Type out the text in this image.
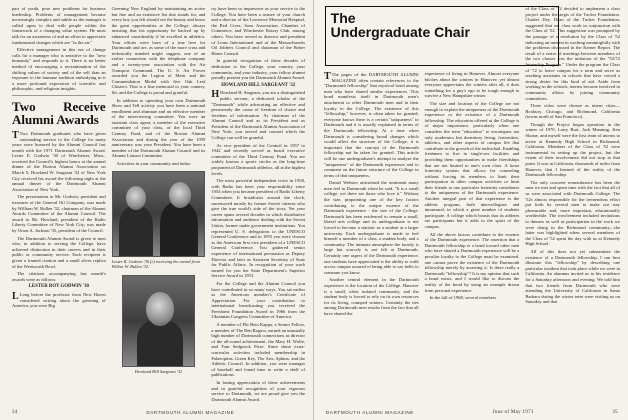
part of youth, pose new problems for business leadership. Problems of management become increasingly complex and subtle as the manager is called upon to deal with people within the framework of a changing value system. He must talk for an awareness of and an effort to appreciate fundamental changes which are "in the air."

Effective management in this era of change calls for a manager who is sensitive to the "new humanity" and responds to it. There is no better method of encouraging a reexamination of the shifting values of society and of the self than an exposure to the humane tradition embodying in it a more profound expression of scientific and philosophic, and religious insights.

Two Receive Alumni Awards

T Two Dartmouth graduates who have given outstanding service to the College for many years were honored by the Alumni Council last month with the 1971 Dartmouth Alumni Award. Lester E. Godwin '30 of Winchester, Mass., received the Council's highest honor at the annual dinner of the Boston Alumni Association on March 5; Howland W. Sargeant '32 of New York City received his award the following night at the annual dinner of the Dartmouth Alumni Association of New York.

The presentation to Mr. Godwin, president and treasurer of the General Oil Company, was made by William W. Bullen '32, chairman of the Alumni Awards Committee of the Alumni Council. The award to Mr. Howland, president of the Radio Liberty Committee of New York City, was made by Orton A. Jackson '35, president of the Council.

The Dartmouth Alumni Award is given to men who, in addition to serving the College, have achieved distinction in their careers and in their public or community service. Each recipient is given a framed citation and a small silver replica of the Wentworth Bowl.

The citations accompanying last month's awards were as follows:

LESTER ROY GODWIN '30

L Long before the professor from New Haven considered writing about the greening of America, you were Big

Greening New England by maintaining an active but fine and an extensive list that stands for, and every boy you felt should see the beauty and know the great opportunities at the College, always insisting that his opportunity be backed up by enhanced considerably if he excelled in athletics. Your efforts were born of a true love for Dartmouth and are, as some of the more crass and technically minded might suggest, one of an earlier connection with the telephone company and a twenty-year association with the Air Transport Command. The U. S. Air Forces awarded you the Legion of Merit and the Commendation Medal with five Oak Leaf Clusters. That is a fine memorial to your country, Sir, and the College is proud and grateful.

In addition to operating your own Dartmouth Show and Tell activity you have been a national enrollment and alumnae and an effective member of the interviewing committee. You were an assistant class agent, a member of the executive committee of your class, of the local Third Century Fund, and of the Boston Alumni Association and during the year of the 1959 anniversary was your President. You have been a member of the Dartmouth Alumni Council and its Alumni Liaison Committee.

Activities in your community and indus-

Lester R. Godwin '30 (r) receiving the award from Wilbur W. Bullen '32.
Howland Hill Sargeant '32

try have been so impressive as your service to the College. You have been a trustee of your church and a director of the Lawrence Memorial Hospital, the Red Cross, Sons Association, Chamber of Commerce, and Winchester Rotary Club, among others. You have served as director and president of Lions International and of the Massachusetts Oil Jobbers Council and chairman of the Better Home Council.

In grateful recognition of these decades of dedication to the College, your country, your community, and your industry, your fellow alumni proudly present you the Dartmouth Alumni Award.

HOWLAND HILL SARGEANT '32

H Howland H. Sargeant, you are a distinguished public servant, a dedicated scholar of the "Dartmouth" while advocating an effective and persistently the cause of freedom of choice and freedom of information. As chairman of the Alumni Council and as its President and as President of the Dartmouth Alumni Association of New York, you served and counsel which the College can well be grateful.

As vice president of the Council in 1957 to 1942 and recently served as board executive committee of the Third Century Fund. You are widely known a sports circles as the long-time proponent of Dartmouth athletics, all at the highest levels.

The most powerful independent voice in 1958, with Radio has been your responsibility since 1954 when you became president of Radio Liberty Committee. It broadcasts around the clock, uncensored mostly by former Soviet citizens who give the true world's side of the story. Yet your career spans several decades in which distributive information and audience dealing with the Soviet Union, former under government institutions. You represented U. S. delegations to the UNESCO General Conference and in 1955 you were chosen as the American first vice president of a UNESCO General Conference. You gathered senior experience of international persuasion as Deputy Director and later as Assistant Secretary of State for Public Affairs. In recognition of your work earned for you the State Department's Superior Service Award in 1953.

For the College and the Alumni Council you have contributed in so many ways. You sat earlier as the American member's Certificate of Appreciation. For your contribution to international broadcasting you received the Freedoms Foundation Award in 1966 from the Ukrainian Congress Committee of America.

A member of Phi Beta Kappa, a Senior Fellow, a member of The Ben Rogers, earned an unusually high number of Dartmouth connections as director of the all-round achievement, the Mary H. Wolfe, and Tom Sedgwick Prize. Since those extra-curricular activities included membership in Palaeopitus, Green Key, The Arts, Sphinx, and the Athletic Council. In addition, you were manager of baseball and found time to write a shelf of publications.

In lasting appreciation of these achievements and in grateful recognition of your vigorous service to Dartmouth, we are proud give you the Dartmouth Alumni Award.

34	DARTMOUTH ALUMNI MAGAZINE

T The pages of the DARTMOUTH ALUMNI MAGAZINE often contain references to the "Dartmouth fellowship" that mystical bond among men who have shared similar experiences. This bond manifests itself in Dartmouth men's attachment to other Dartmouth men and in their loyalty to the College. The existence of this "fellowship," however, is often taken for granted; everyone knows there is a certain "uniqueness" to Dartmouth and it is usually explained in terms of the Dartmouth fellowship. At a time when Dartmouth is considering broad changes which would affect the structure of the College, it is important that the concept of the Dartmouth fellowship not be taken for granted. This article will be one undergraduate's attempt to analyze the "uniqueness" of the Dartmouth experience and to comment on the future structure of the College in terms of that uniqueness.

Daniel Webster articulated the sentiment many men feel in Dartmouth when he said, "It is a small college, yet there are those who love it." Without the size, pinpointing one of the key factors contributing to the unique essence of the Dartmouth experience - the size of the College. Dartmouth has been evidenced to remain a small, liberal arts college and its undergraduate is not forced to become a statistic as a student at a larger university. Each undergraduate is made to feel himself a member of a class, a student body, and a community. The intimate atmosphere the faculty is large but scarcely is not felt at Dartmouth. Certainly one aspect of the Dartmouth experience, one students have appreciated is the ability to walk across campus assured of being able to say hello to someone you know.

Another central element in the Dartmouth experience is the location of the College. Hanover is a small, often isolated community, and the student body is forced to rely on its own resources for its living, cramped winters. Certainly the ties among Dartmouth men results from the fact that all have shared the

The
Undergraduate Chair

experience of living in Hanover. Almost everyone bitches about the winters in Hanover; yet almost everyone appreciates the winters after all, it does something for a guy's ego to be tough enough to survive a New Hampshire winter.

The size and location of the College are not enough to explain the uniqueness of the Dartmouth experience or the existence of a Dartmouth fellowship. The education offered at the College is of major importance, particularly when one considers the term "education" to encompass not only academics but dormitory living, fraternities, athletics, and other aspects of campus life that contribute to the growth of the individual. Enabling freshmen to live in single-sex facilities and providing them opportunities to make friendships that are not limited to one's own class. A loose fraternity system that allows for counseling without forcing its members to limit their participation in other campus activities or limit their friends to one particular fraternity contributes to the uniqueness of the Dartmouth experience. Another integral part of that experience is the athletic program, both intercollegiate and intramural, in which a great number of students participate. A college which boasts that its athletes are participants but it adds to the spirit of the campus.

All the above factors contribute to the essence of the Dartmouth experience. The assertion that a Dartmouth fellowship is a bond toward other men who have shared a Dartmouth experience will be a peculiar loyalty to the College must be examined, one cannot prove the existence of the Dartmouth fellowship merely by asserting it. Is there really a Dartmouth "fellowship"? It is my opinion that such a bond exists, and I would like to discuss the reality of the bond by using an example drawn from personal experience.

In the fall of 1968, several members

of the Class of '72 decided to implement a class project under the aegis of the Tucker Foundation. Charles Dey, Dean of the Tucker Foundation, suggested that our class work in conjunction with the Class of '52. This suggestion was prompted by the passage of a resolution by the Class of '52 indicating an interest in working meaningfully with the problems discussed in the Kerner Report. The result of a series of meetings between members of the two classes was the initiation of the "52/72 Internship Program." Under the program the Class of '72 to leave campus for a term and serve as teaching assistants in schools that have voiced a strong desire for this kind of aid. Aside from working in the schools, interns become involved in community affairs by joining community committees.

Three cities were chosen as intern cities—Roxbury, Chicago, and Richmond, California (towns north of San Francisco).

Though the Project began operation in the winter of 1970, Larry Burt, Jack Manning, Ken Sloane, and myself were the first team of interns to arrive at Kennedy High School in Richmond, California. Members of the Class of '52 were instrumental in setting up the project, but the extent of their involvement did not stop at that point. It was in California, thousands of miles from Hanover, that I learned of the reality of the Dartmouth fellowship.

The only concrete remembrance has been the men we met and spent time with the fact that all of us were associated with Dartmouth College. The '52s almost responsible for the tremendous effort put forth by several men to make our stay pleasurable and, more important, educationally worthwhile. The involvement included invitations to dinners as well as participation in the work we were doing in the Richmond community—the latter was highlighted when several members of the Class of '52 spent the day with us at Kennedy High School.

All of this does not yet substantiate the existence of a Dartmouth fellowship. I can best illustrate this "fellowship" by describing one particular incident that took place while we were in California. An alumnus invited us to his residence for a Saturday afternoon and evening. We told him that two friends from Dartmouth who were attending the University of California in Santa Barbara during the winter term were visiting us on Saturday and that

DARTMOUTH ALUMNI MAGAZINE	June of May 1971	35
